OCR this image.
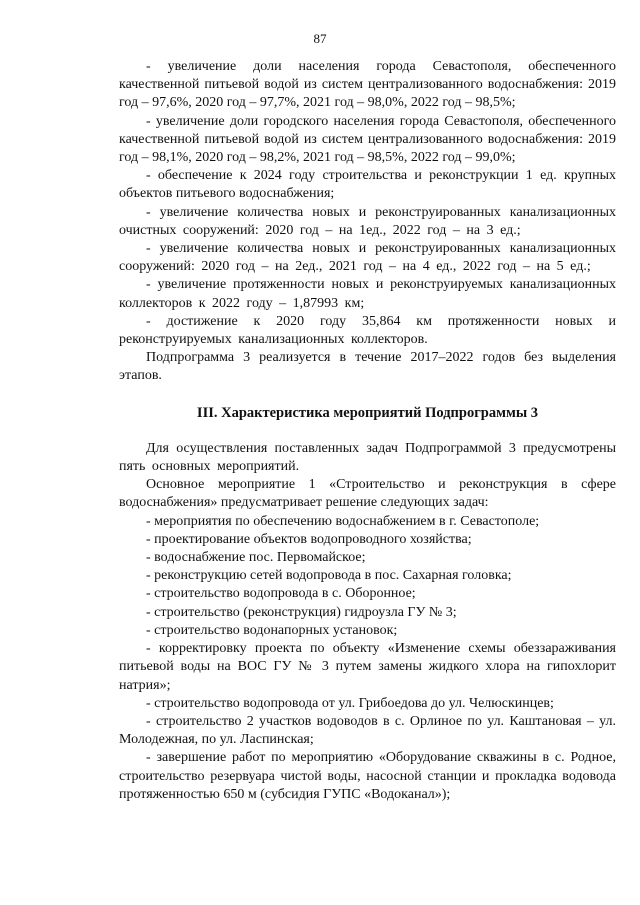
87

- увеличение доли населения города Севастополя, обеспеченного качественной питьевой водой из систем централизованного водоснабжения: 2019 год – 97,6%, 2020 год – 97,7%, 2021 год – 98,0%, 2022 год – 98,5%;

- увеличение доли городского населения города Севастополя, обеспеченного качественной питьевой водой из систем централизованного водоснабжения: 2019 год – 98,1%, 2020 год – 98,2%, 2021 год – 98,5%, 2022 год – 99,0%;

- обеспечение к 2024 году строительства и реконструкции 1 ед. крупных объектов питьевого водоснабжения;

- увеличение количества новых и реконструированных канализационных очистных сооружений: 2020 год – на 1ед., 2022 год – на 3 ед.;

- увеличение количества новых и реконструированных канализационных сооружений: 2020 год – на 2ед., 2021 год – на 4 ед., 2022 год – на 5 ед.;

- увеличение протяженности новых и реконструируемых канализационных коллекторов к 2022 году – 1,87993 км;

- достижение к 2020 году 35,864 км протяженности новых и реконструируемых канализационных коллекторов.

Подпрограмма 3 реализуется в течение 2017–2022 годов без выделения этапов.

III. Характеристика мероприятий Подпрограммы 3

Для осуществления поставленных задач Подпрограммой 3 предусмотрены пять основных мероприятий.

Основное мероприятие 1 «Строительство и реконструкция в сфере водоснабжения» предусматривает решение следующих задач:

- мероприятия по обеспечению водоснабжением в г. Севастополе;

- проектирование объектов водопроводного хозяйства;

- водоснабжение пос. Первомайское;

- реконструкцию сетей водопровода в пос. Сахарная головка;

- строительство водопровода в с. Оборонное;

- строительство (реконструкция) гидроузла ГУ № 3;

- строительство водонапорных установок;

- корректировку проекта по объекту «Изменение схемы обеззараживания питьевой воды на ВОС ГУ № 3 путем замены жидкого хлора на гипохлорит натрия»;

- строительство водопровода от ул. Грибоедова до ул. Челюскинцев;

- строительство 2 участков водоводов в с. Орлиное по ул. Каштановая – ул. Молодежная, по ул. Ласпинская;

- завершение работ по мероприятию «Оборудование скважины в с. Родное, строительство резервуара чистой воды, насосной станции и прокладка водовода протяженностью 650 м (субсидия ГУПС «Водоканал»);
